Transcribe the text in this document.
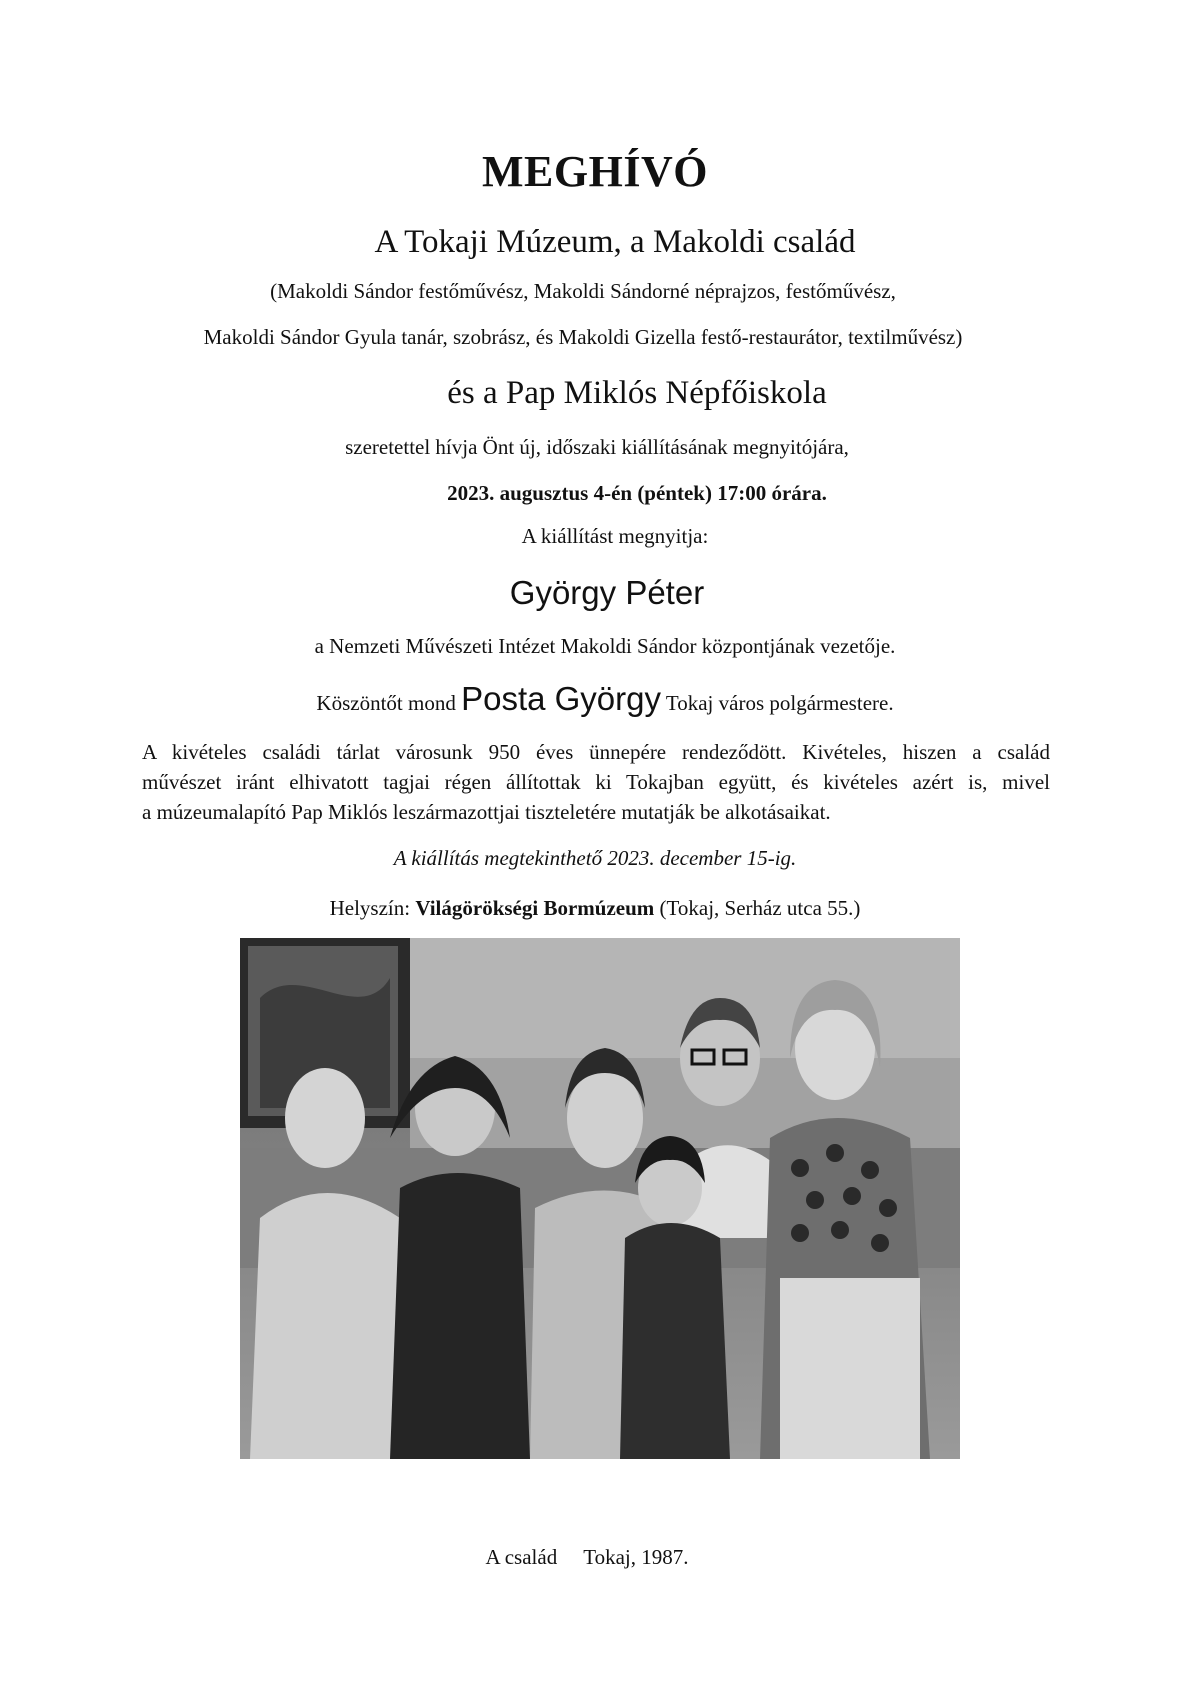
MEGHÍVÓ
A Tokaji Múzeum, a Makoldi család
(Makoldi Sándor festőművész, Makoldi Sándorné néprajzos, festőművész,
Makoldi Sándor Gyula tanár, szobrász, és Makoldi Gizella festő-restaurátor, textilművész)
és a Pap Miklós Népfőiskola
szeretettel hívja Önt új, időszaki kiállításának megnyitójára,
2023. augusztus 4-én (péntek) 17:00 órára.
A kiállítást megnyitja:
György Péter
a Nemzeti Művészeti Intézet Makoldi Sándor központjának vezetője.
Köszöntőt mond Posta György Tokaj város polgármestere.
A kivételes családi tárlat városunk 950 éves ünnepére rendeződött. Kivételes, hiszen a család
művészet iránt elhivatott tagjai régen állítottak ki Tokajban együtt, és kivételes azért is, mivel
a múzeumalapító Pap Miklós leszármazottjai tiszteletére mutatják be alkotásaikat.
A kiállítás megtekinthető 2023. december 15-ig.
Helyszín: Világörökségi Bormúzeum (Tokaj, Serház utca 55.)
A család Tokaj, 1987.
